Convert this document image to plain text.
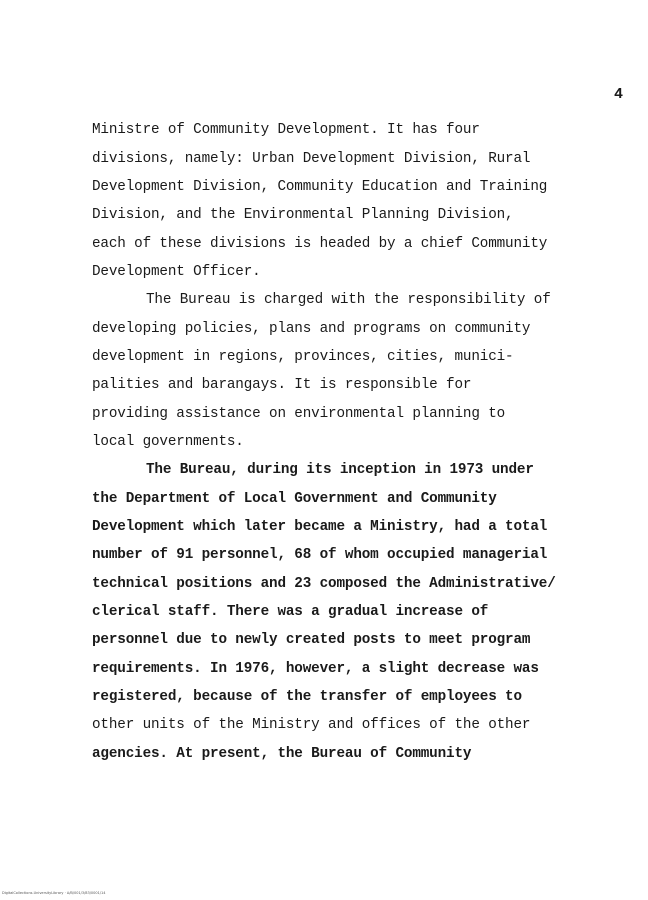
4
Ministre of Community Development. It has four
divisions, namely: Urban Development Division, Rural
Development Division, Community Education and Training
Division, and the Environmental Planning Division,
each of these divisions is headed by a chief Community
Development Officer.
The Bureau is charged with the responsibility of
developing policies, plans and programs on community
development in regions, provinces, cities, munici-
palities and barangays. It is responsible for
providing assistance on environmental planning to
local governments.
The Bureau, during its inception in 1973 under
the Department of Local Government and Community
Development which later became a Ministry, had a total
number of 91 personnel, 68 of whom occupied managerial
technical positions and 23 composed the Administrative/
clerical staff. There was a gradual increase of
personnel due to newly created posts to meet program
requirements. In 1976, however, a slight decrease was
registered, because of the transfer of employees to
other units of the Ministry and offices of the other
agencies. At present, the Bureau of Community
DigitalCollections.UniversityLibrary · A/B/001/3/83/0001/14
